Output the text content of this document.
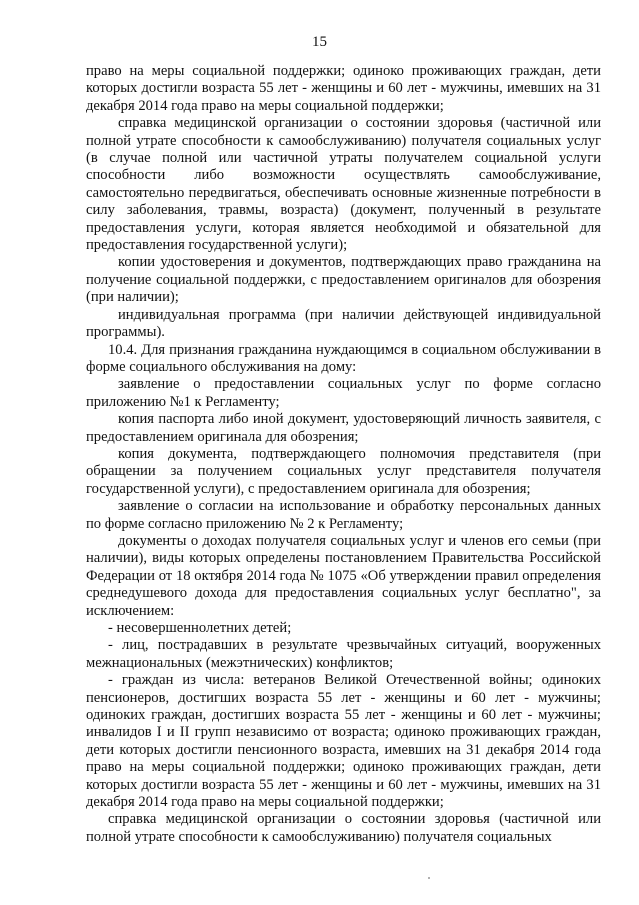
15

право на меры социальной поддержки; одиноко проживающих граждан, дети которых достигли возраста 55 лет - женщины и 60 лет - мужчины, имевших на 31 декабря 2014 года право на меры социальной поддержки;

справка медицинской организации о состоянии здоровья (частичной или полной утрате способности к самообслуживанию) получателя социальных услуг (в случае полной или частичной утраты получателем социальной услуги способности либо возможности осуществлять самообслуживание, самостоятельно передвигаться, обеспечивать основные жизненные потребности в силу заболевания, травмы, возраста) (документ, полученный в результате предоставления услуги, которая является необходимой и обязательной для предоставления государственной услуги);

копии удостоверения и документов, подтверждающих право гражданина на получение социальной поддержки, с предоставлением оригиналов для обозрения (при наличии);

индивидуальная программа (при наличии действующей индивидуальной программы).

10.4. Для признания гражданина нуждающимся в социальном обслуживании в форме социального обслуживания на дому:

заявление о предоставлении социальных услуг по форме согласно приложению №1 к Регламенту;

копия паспорта либо иной документ, удостоверяющий личность заявителя, с предоставлением оригинала для обозрения;

копия документа, подтверждающего полномочия представителя (при обращении за получением социальных услуг представителя получателя государственной услуги), с предоставлением оригинала для обозрения;

заявление о согласии на использование и обработку персональных данных по форме согласно приложению № 2 к Регламенту;

документы о доходах получателя социальных услуг и членов его семьи (при наличии), виды которых определены постановлением Правительства Российской Федерации от 18 октября 2014 года № 1075 «Об утверждении правил определения среднедушевого дохода для предоставления социальных услуг бесплатно", за исключением:

- несовершеннолетних детей;

- лиц, пострадавших в результате чрезвычайных ситуаций, вооруженных межнациональных (межэтнических) конфликтов;

- граждан из числа: ветеранов Великой Отечественной войны; одиноких пенсионеров, достигших возраста 55 лет - женщины и 60 лет - мужчины; одиноких граждан, достигших возраста 55 лет - женщины и 60 лет - мужчины; инвалидов I и II групп независимо от возраста; одиноко проживающих граждан, дети которых достигли пенсионного возраста, имевших на 31 декабря 2014 года право на меры социальной поддержки; одиноко проживающих граждан, дети которых достигли возраста 55 лет - женщины и 60 лет - мужчины, имевших на 31 декабря 2014 года право на меры социальной поддержки;

справка медицинской организации о состоянии здоровья (частичной или полной утрате способности к самообслуживанию) получателя социальных
